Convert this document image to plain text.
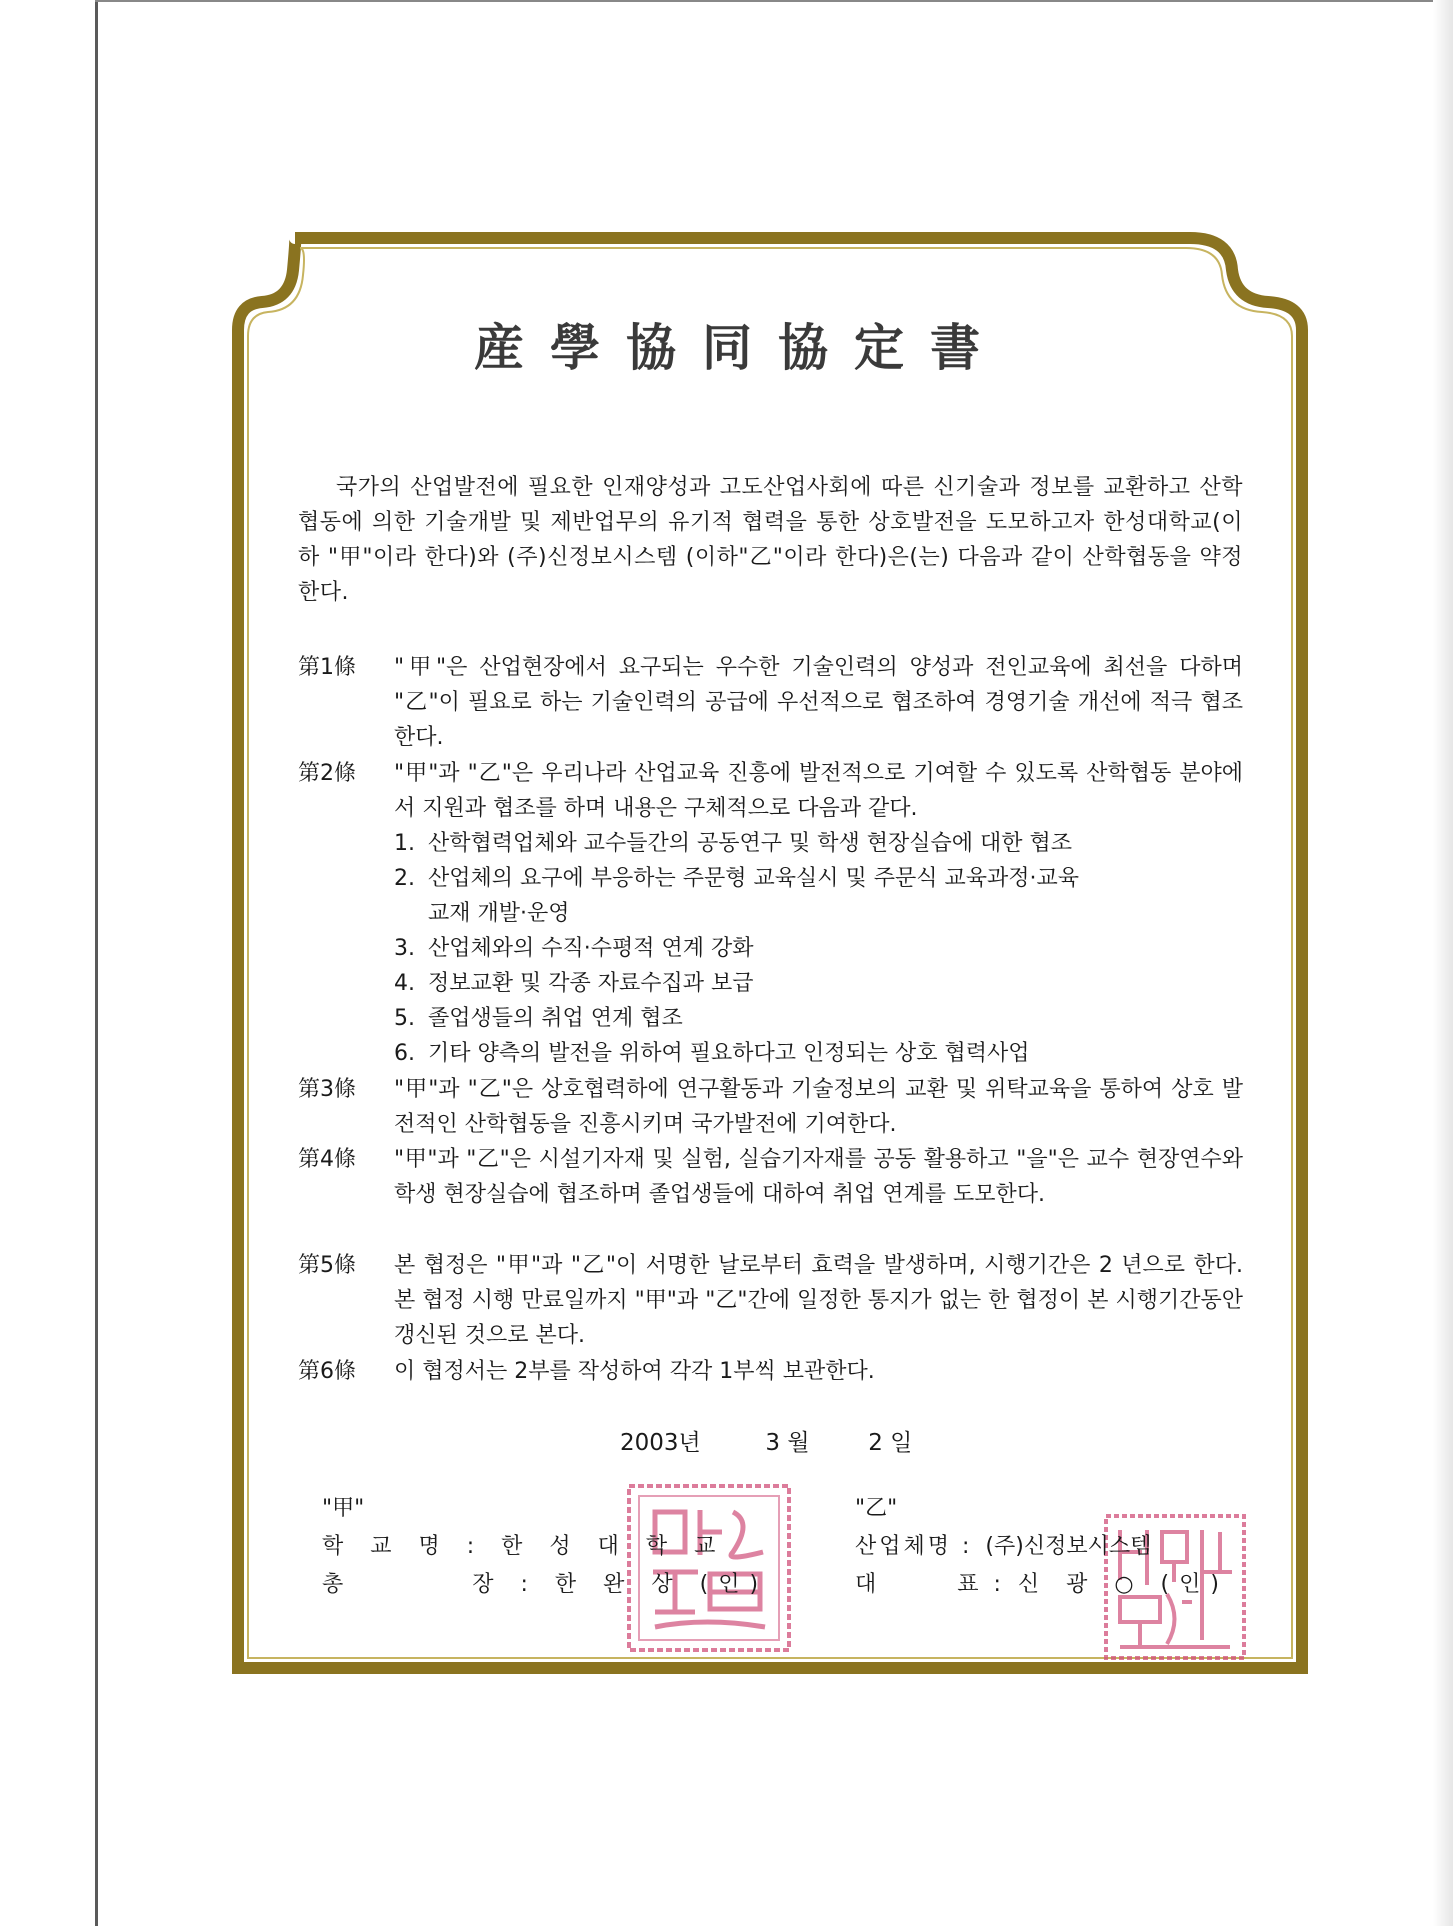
産學協同協定書
국가의 산업발전에 필요한 인재양성과 고도산업사회에 따른 신기술과 정보를 교환하고 산학협동에 의한 기술개발 및 제반업무의 유기적 협력을 통한 상호발전을 도모하고자 한성대학교(이하 "甲"이라 한다)와 (주)신정보시스템 (이하"乙"이라 한다)은(는) 다음과 같이 산학협동을 약정한다.
第1條	"甲"은 산업현장에서 요구되는 우수한 기술인력의 양성과 전인교육에 최선을 다하며 "乙"이 필요로 하는 기술인력의 공급에 우선적으로 협조하여 경영기술 개선에 적극 협조한다.
第2條	"甲"과 "乙"은 우리나라 산업교육 진흥에 발전적으로 기여할 수 있도록 산학협동 분야에서 지원과 협조를 하며 내용은 구체적으로 다음과 같다.
1. 산학협력업체와 교수들간의 공동연구 및 학생 현장실습에 대한 협조
2. 산업체의 요구에 부응하는 주문형 교육실시 및 주문식 교육과정·교육
교재 개발·운영
3. 산업체와의 수직·수평적 연계 강화
4. 정보교환 및 각종 자료수집과 보급
5. 졸업생들의 취업 연계 협조
6. 기타 양측의 발전을 위하여 필요하다고 인정되는 상호 협력사업
第3條	"甲"과 "乙"은 상호협력하에 연구활동과 기술정보의 교환 및 위탁교육을 통하여 상호 발전적인 산학협동을 진흥시키며 국가발전에 기여한다.
第4條	"甲"과 "乙"은 시설기자재 및 실험, 실습기자재를 공동 활용하고 "을"은 교수 현장연수와 학생 현장실습에 협조하며 졸업생들에 대하여 취업 연계를 도모한다.
第5條	본 협정은 "甲"과 "乙"이 서명한 날로부터 효력을 발생하며, 시행기간은 2 년으로 한다. 본 협정 시행 만료일까지 "甲"과 "乙"간에 일정한 통지가 없는 한 협정이 본 시행기간동안 갱신된 것으로 본다.
第6條	이 협정서는 2부를 작성하여 각각 1부씩 보관한다.
2003년	3 월	2 일
"甲"
학 교 명 : 한 성 대 학 교
총       장 : 한 완 상 (인)
"乙"
산업체명 : (주)신정보시스템
대       표 : 신 광 ○ (인)
